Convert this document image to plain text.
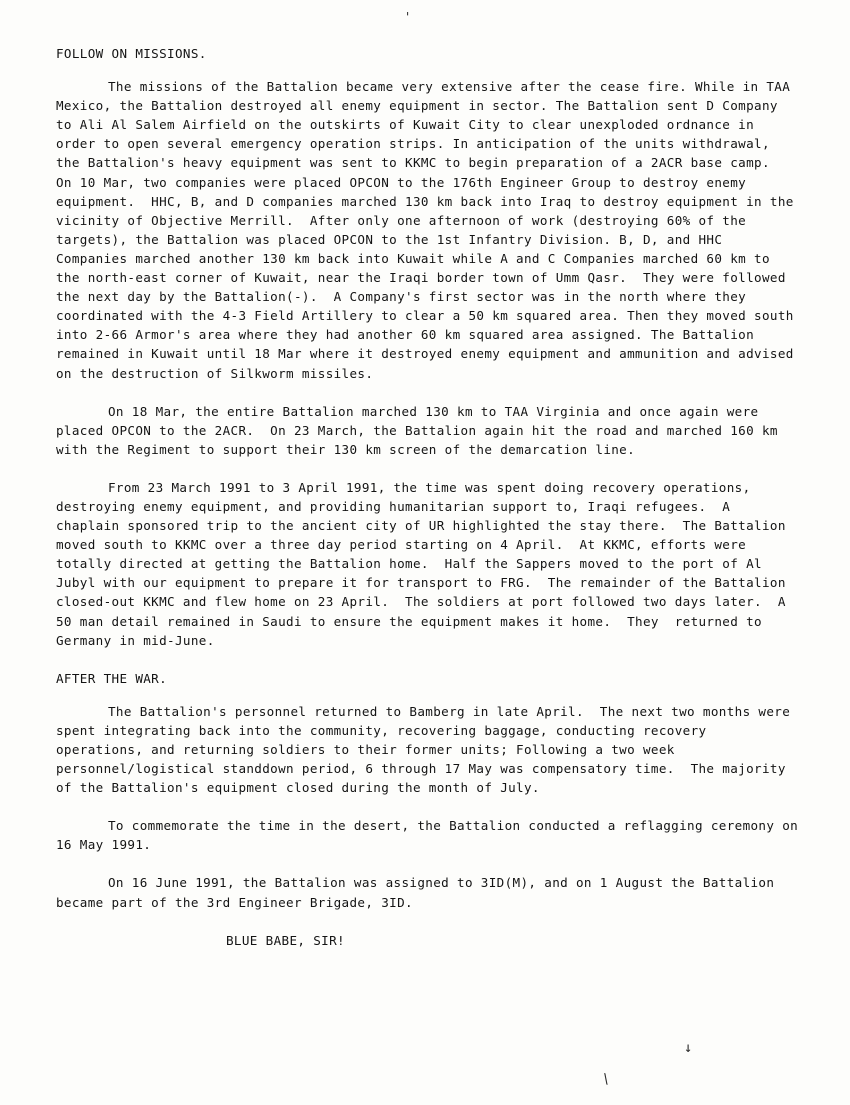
'
FOLLOW ON MISSIONS.
The missions of the Battalion became very extensive after the cease fire. While in TAA Mexico, the Battalion destroyed all enemy equipment in sector. The Battalion sent D Company to Ali Al Salem Airfield on the outskirts of Kuwait City to clear unexploded ordnance in order to open several emergency operation strips. In anticipation of the units withdrawal, the Battalion's heavy equipment was sent to KKMC to begin preparation of a 2ACR base camp.  On 10 Mar, two companies were placed OPCON to the 176th Engineer Group to destroy enemy equipment.  HHC, B, and D companies marched 130 km back into Iraq to destroy equipment in the vicinity of Objective Merrill.  After only one afternoon of work (destroying 60% of the targets), the Battalion was placed OPCON to the 1st Infantry Division. B, D, and HHC Companies marched another 130 km back into Kuwait while A and C Companies marched 60 km to the north-east corner of Kuwait, near the Iraqi border town of Umm Qasr.  They were followed the next day by the Battalion(-).  A Company's first sector was in the north where they coordinated with the 4-3 Field Artillery to clear a 50 km squared area. Then they moved south into 2-66 Armor's area where they had another 60 km squared area assigned. The Battalion remained in Kuwait until 18 Mar where it destroyed enemy equipment and ammunition and advised on the destruction of Silkworm missiles.
On 18 Mar, the entire Battalion marched 130 km to TAA Virginia and once again were placed OPCON to the 2ACR.  On 23 March, the Battalion again hit the road and marched 160 km with the Regiment to support their 130 km screen of the demarcation line.
From 23 March 1991 to 3 April 1991, the time was spent doing recovery operations, destroying enemy equipment, and providing humanitarian support to, Iraqi refugees.  A chaplain sponsored trip to the ancient city of UR highlighted the stay there.  The Battalion moved south to KKMC over a three day period starting on 4 April.  At KKMC, efforts were totally directed at getting the Battalion home.  Half the Sappers moved to the port of Al Jubyl with our equipment to prepare it for transport to FRG.  The remainder of the Battalion closed-out KKMC and flew home on 23 April.  The soldiers at port followed two days later.  A 50 man detail remained in Saudi to ensure the equipment makes it home.  They  returned to Germany in mid-June.
AFTER THE WAR.
The Battalion's personnel returned to Bamberg in late April.  The next two months were spent integrating back into the community, recovering baggage, conducting recovery operations, and returning soldiers to their former units; Following a two week personnel/logistical standdown period, 6 through 17 May was compensatory time.  The majority of the Battalion's equipment closed during the month of July.
To commemorate the time in the desert, the Battalion conducted a reflagging ceremony on 16 May 1991.
On 16 June 1991, the Battalion was assigned to 3ID(M), and on 1 August the Battalion became part of the 3rd Engineer Brigade, 3ID.
BLUE BABE, SIR!
↓
\
